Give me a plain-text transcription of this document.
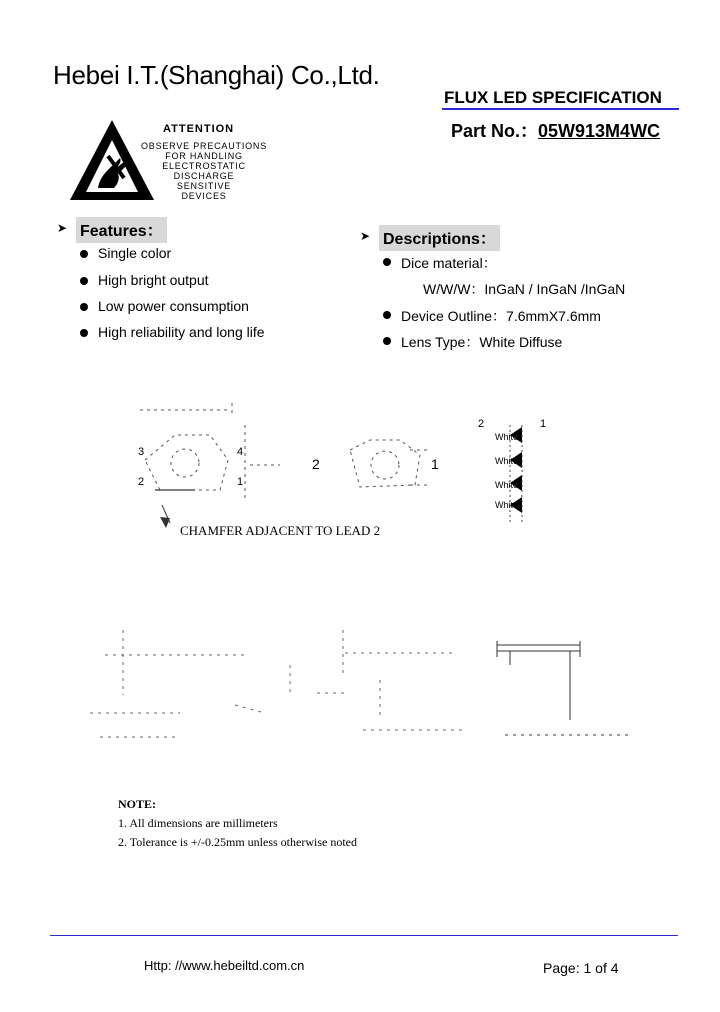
Hebei I.T.(Shanghai) Co.,Ltd.
FLUX LED SPECIFICATION
Part No.：05W913M4WC
ATTENTION
OBSERVE PRECAUTIONS
FOR HANDLING
ELECTROSTATIC
DISCHARGE
SENSITIVE
DEVICES
➤ Features：
Single color
High bright output
Low power consumption
High reliability and long life
➤ Descriptions：
Dice material：
W/W/W：InGaN / InGaN /InGaN
Device Outline：7.6mmX7.6mm
Lens Type：White Diffuse
3	4
2	1
2	1
2	1
White
White
White
White
CHAMFER ADJACENT TO LEAD 2
NOTE:
1. All dimensions are millimeters
2. Tolerance is +/-0.25mm unless otherwise noted
Http: //www.hebeiltd.com.cn	Page: 1 of 4
